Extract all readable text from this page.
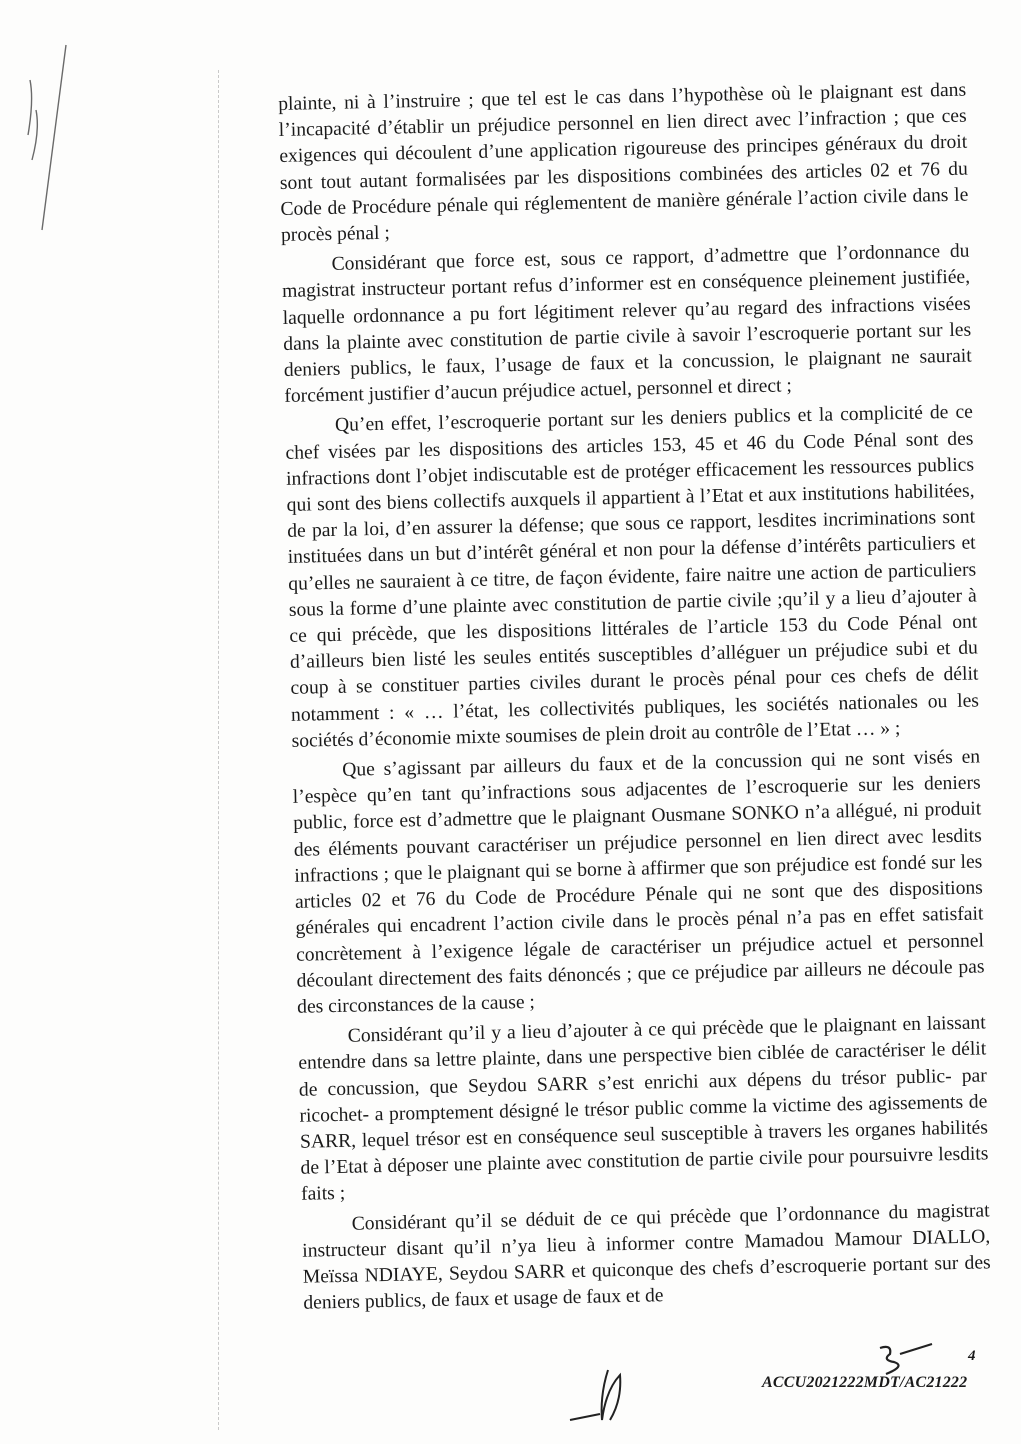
plainte, ni à l’instruire ; que tel est le cas dans l’hypothèse où le plaignant est dans l’incapacité d’établir un préjudice personnel en lien direct avec l’infraction ; que ces exigences qui découlent d’une application rigoureuse des principes généraux du droit sont tout autant formalisées par les dispositions combinées des articles 02 et 76 du Code de Procédure pénale qui réglementent de manière générale l’action civile dans le procès pénal ;

Considérant que force est, sous ce rapport, d’admettre que l’ordonnance du magistrat instructeur portant refus d’informer est en conséquence pleinement justifiée, laquelle ordonnance a pu fort légitiment relever qu’au regard des infractions visées dans la plainte avec constitution de partie civile à savoir l’escroquerie portant sur les deniers publics, le faux, l’usage de faux et la concussion, le plaignant ne saurait forcément justifier d’aucun préjudice actuel, personnel et direct ;

Qu’en effet, l’escroquerie portant sur les deniers publics et la complicité de ce chef visées par les dispositions des articles 153, 45 et 46 du Code Pénal sont des infractions dont l’objet indiscutable est de protéger efficacement les ressources publics qui sont des biens collectifs auxquels il appartient à l’Etat et aux institutions habilitées, de par la loi, d’en assurer la défense; que sous ce rapport, lesdites incriminations sont instituées dans un but d’intérêt général et non pour la défense d’intérêts particuliers et qu’elles ne sauraient à ce titre, de façon évidente, faire naitre une action de particuliers sous la forme d’une plainte avec constitution de partie civile ;qu’il y a lieu d’ajouter à ce qui précède, que les dispositions littérales de l’article 153 du Code Pénal ont d’ailleurs bien listé les seules entités susceptibles d’alléguer un préjudice subi et du coup à se constituer parties civiles durant le procès pénal pour ces chefs de délit notamment : « … l’état, les collectivités publiques, les sociétés nationales ou les sociétés d’économie mixte soumises de plein droit au contrôle de l’Etat … » ;

Que s’agissant par ailleurs du faux et de la concussion qui ne sont visés en l’espèce qu’en tant qu’infractions sous adjacentes de l’escroquerie sur les deniers public, force est d’admettre que le plaignant Ousmane SONKO n’a allégué, ni produit des éléments pouvant caractériser un préjudice personnel en lien direct avec lesdits infractions ; que le plaignant qui se borne à affirmer que son préjudice est fondé sur les articles 02 et 76 du Code de Procédure Pénale qui ne sont que des dispositions générales qui encadrent l’action civile dans le procès pénal n’a pas en effet satisfait concrètement à l’exigence légale de caractériser un préjudice actuel et personnel découlant directement des faits dénoncés ; que ce préjudice par ailleurs ne découle pas des circonstances de la cause ;

Considérant qu’il y a lieu d’ajouter à ce qui précède que le plaignant en laissant entendre dans sa lettre plainte, dans une perspective bien ciblée de caractériser le délit de concussion, que Seydou SARR s’est enrichi aux dépens du trésor public- par ricochet- a promptement désigné le trésor public comme la victime des agissements de SARR, lequel trésor est en conséquence seul susceptible à travers les organes habilités de l’Etat à déposer une plainte avec constitution de partie civile pour poursuivre lesdits faits ;

Considérant qu’il se déduit de ce qui précède que l’ordonnance du magistrat instructeur disant qu’il n’ya lieu à informer contre Mamadou Mamour DIALLO, Meïssa NDIAYE, Seydou SARR et quiconque des chefs d’escroquerie portant sur des deniers publics, de faux et usage de faux et de

4
ACCU2021222MDT/AC21222
